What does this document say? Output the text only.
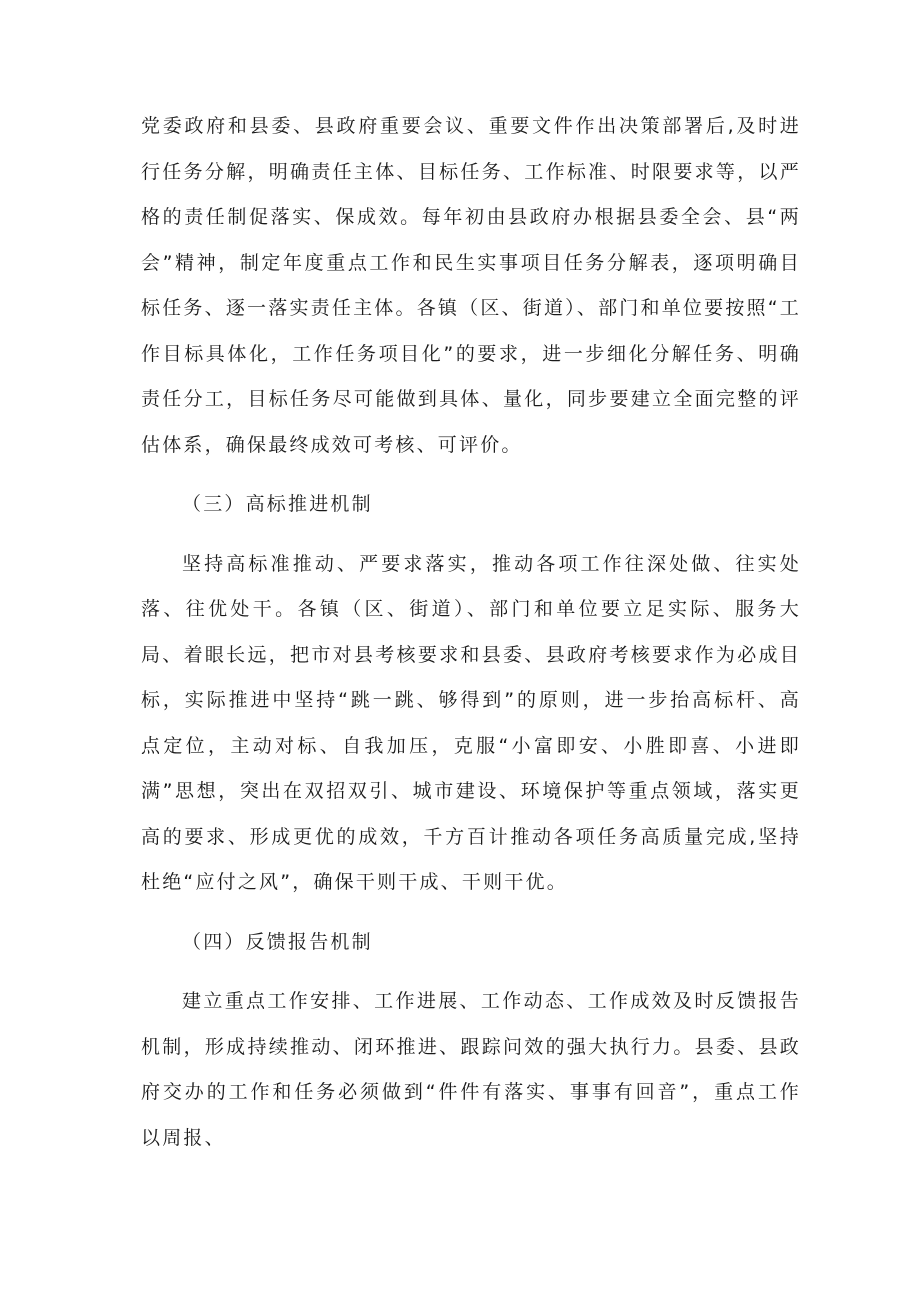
党委政府和县委、县政府重要会议、重要文件作出决策部署后,及时进行任务分解，明确责任主体、目标任务、工作标准、时限要求等，以严格的责任制促落实、保成效。每年初由县政府办根据县委全会、县“两会”精神，制定年度重点工作和民生实事项目任务分解表，逐项明确目标任务、逐一落实责任主体。各镇（区、街道）、部门和单位要按照“工作目标具体化，工作任务项目化”的要求，进一步细化分解任务、明确责任分工，目标任务尽可能做到具体、量化，同步要建立全面完整的评估体系，确保最终成效可考核、可评价。

（三）高标推进机制

坚持高标准推动、严要求落实，推动各项工作往深处做、往实处落、往优处干。各镇（区、街道）、部门和单位要立足实际、服务大局、着眼长远，把市对县考核要求和县委、县政府考核要求作为必成目标，实际推进中坚持“跳一跳、够得到”的原则，进一步抬高标杆、高点定位，主动对标、自我加压，克服“小富即安、小胜即喜、小进即满”思想，突出在双招双引、城市建设、环境保护等重点领域，落实更高的要求、形成更优的成效，千方百计推动各项任务高质量完成,坚持杜绝“应付之风”，确保干则干成、干则干优。

（四）反馈报告机制

建立重点工作安排、工作进展、工作动态、工作成效及时反馈报告机制，形成持续推动、闭环推进、跟踪问效的强大执行力。县委、县政府交办的工作和任务必须做到“件件有落实、事事有回音”，重点工作以周报、
